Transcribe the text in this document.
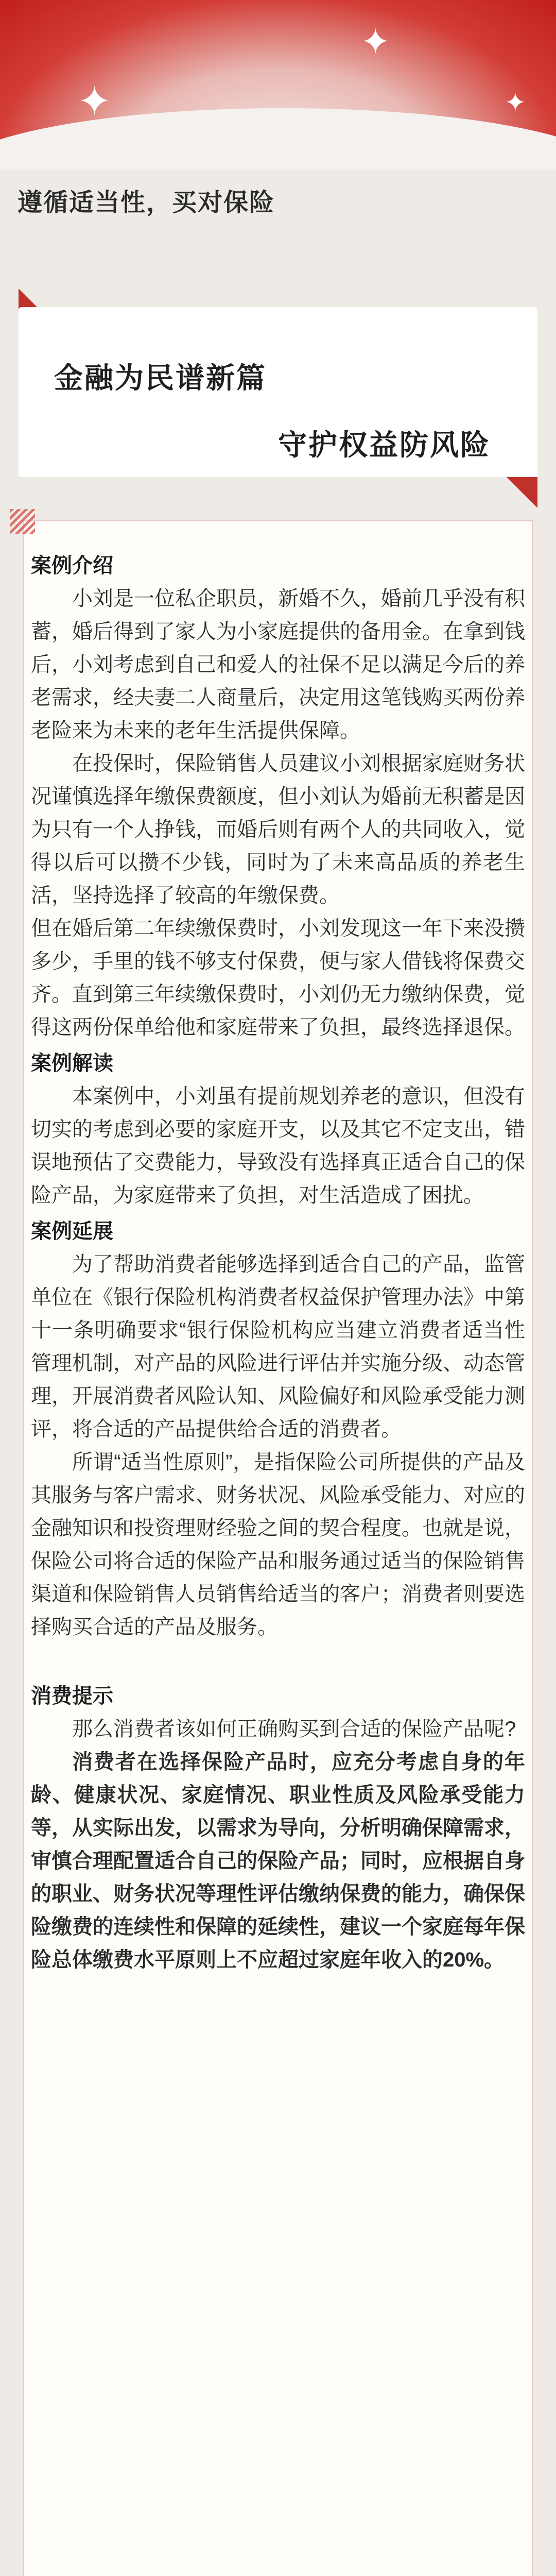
✦
✦
✦
遵循适当性，买对保险
金融为民谱新篇
守护权益防风险
案例介绍

小刘是一位私企职员，新婚不久，婚前几乎没有积蓄，婚后得到了家人为小家庭提供的备用金。在拿到钱后，小刘考虑到自己和爱人的社保不足以满足今后的养老需求，经夫妻二人商量后，决定用这笔钱购买两份养老险来为未来的老年生活提供保障。

在投保时，保险销售人员建议小刘根据家庭财务状况谨慎选择年缴保费额度，但小刘认为婚前无积蓄是因为只有一个人挣钱，而婚后则有两个人的共同收入，觉得以后可以攒不少钱，同时为了未来高品质的养老生活，坚持选择了较高的年缴保费。

但在婚后第二年续缴保费时，小刘发现这一年下来没攒多少，手里的钱不够支付保费，便与家人借钱将保费交齐。直到第三年续缴保费时，小刘仍无力缴纳保费，觉得这两份保单给他和家庭带来了负担，最终选择退保。

案例解读

本案例中，小刘虽有提前规划养老的意识，但没有切实的考虑到必要的家庭开支，以及其它不定支出，错误地预估了交费能力，导致没有选择真正适合自己的保险产品，为家庭带来了负担，对生活造成了困扰。

案例延展

为了帮助消费者能够选择到适合自己的产品，监管单位在《银行保险机构消费者权益保护管理办法》中第十一条明确要求“银行保险机构应当建立消费者适当性管理机制，对产品的风险进行评估并实施分级、动态管理，开展消费者风险认知、风险偏好和风险承受能力测评，将合适的产品提供给合适的消费者。

所谓“适当性原则”，是指保险公司所提供的产品及其服务与客户需求、财务状况、风险承受能力、对应的金融知识和投资理财经验之间的契合程度。也就是说，保险公司将合适的保险产品和服务通过适当的保险销售渠道和保险销售人员销售给适当的客户；消费者则要选择购买合适的产品及服务。

消费提示

那么消费者该如何正确购买到合适的保险产品呢?

消费者在选择保险产品时，应充分考虑自身的年龄、健康状况、家庭情况、职业性质及风险承受能力等，从实际出发，以需求为导向，分析明确保障需求，审慎合理配置适合自己的保险产品；同时，应根据自身的职业、财务状况等理性评估缴纳保费的能力，确保保险缴费的连续性和保障的延续性，建议一个家庭每年保险总体缴费水平原则上不应超过家庭年收入的20%。
